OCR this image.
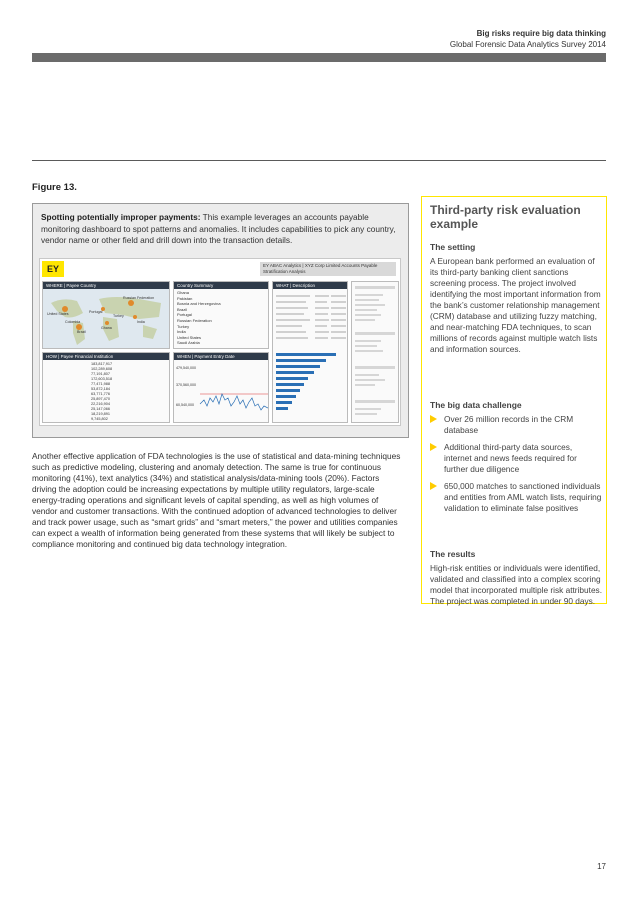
Big risks require big data thinking
Global Forensic Data Analytics Survey 2014
Figure 13.
Spotting potentially improper payments: This example leverages an accounts payable monitoring dashboard to spot patterns and anomalies. It includes capabilities to pick any country, vendor name or other field and drill down into the transaction details.
EY	EY ABAC Analytics | XYZ Corp Limited Accounts Payable Stratification Analysis
WHERE | Payee Country
Russian Federation
United States	Portugal
Colombia
Brazil
Ghana
Turkey
India
Country Summary
Ghana
Pakistan
Bosnia and Herzegovina
Brazil
Portugal
Russian Federation
Turkey
India
United States
Saudi Arabia
WHAT | Description
HOW | Payee Financial Institution
183,817,917
102,289,608
77,191,807
172,603,518
77,471,988
53,872,184
63,771,776
25,897,470
22,216,904
25,147,066
18,219,891
9,745,802
WHEN | Payment Entry Date
479,540,000
370,560,000
60,540,000

Another effective application of FDA technologies is the use of statistical and data-mining techniques such as predictive modeling, clustering and anomaly detection. The same is true for continuous monitoring (41%), text analytics (34%) and statistical analysis/data-mining tools (20%). Factors driving the adoption could be increasing expectations by multiple utility regulators, large-scale energy-trading operations and significant levels of capital spending, as well as high volumes of vendor and customer transactions. With the continued adoption of advanced technologies to deliver and track power usage, such as “smart grids” and “smart meters,” the power and utilities companies can expect a wealth of information being generated from these systems that will likely be subject to compliance monitoring and continued big data technology integration.

Third-party risk evaluation example
The setting

A European bank performed an evaluation of its third-party banking client sanctions screening process. The project involved identifying the most important information from the bank’s customer relationship management (CRM) database and utilizing fuzzy matching, and near-matching FDA techniques, to scan millions of records against multiple watch lists and information sources.

The big data challenge
Over 26 million records in the CRM database
Additional third-party data sources, internet and news feeds required for further due diligence
650,000 matches to sanctioned individuals and entities from AML watch lists, requiring validation to eliminate false positives
The results

High-risk entities or individuals were identified, validated and classified into a complex scoring model that incorporated multiple risk attributes. The project was completed in under 90 days.

17
